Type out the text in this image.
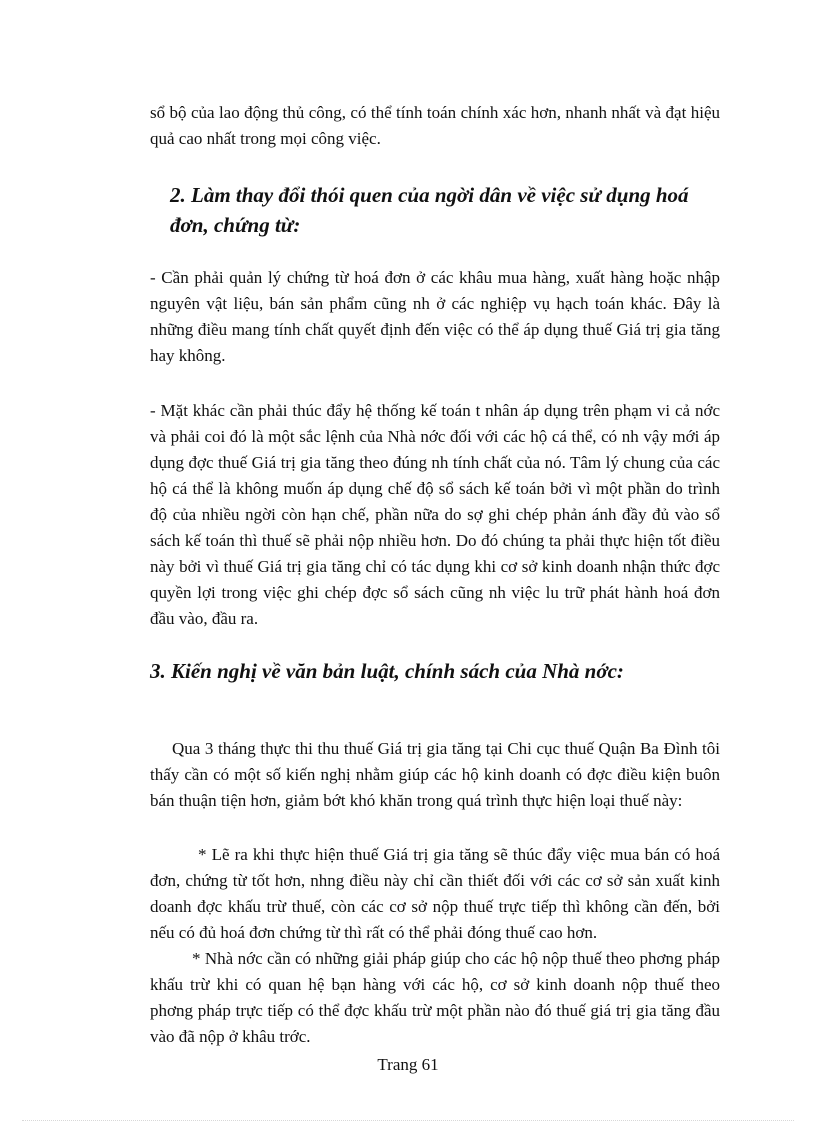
sổ bộ của lao động thủ công, có thể tính toán chính xác hơn, nhanh nhất và đạt hiệu quả cao nhất trong mọi công việc.

2. Làm thay đổi thói quen của ngời dân về việc sử dụng hoá đơn, chứng từ:

- Cần phải quản lý chứng từ hoá đơn ở các khâu mua hàng, xuất hàng hoặc nhập nguyên vật liệu, bán sản phẩm cũng nh ở các nghiệp vụ hạch toán khác. Đây là những điều mang tính chất quyết định đến việc có thể áp dụng thuế Giá trị gia tăng hay không.

- Mặt khác cần phải thúc đẩy hệ thống kế toán t nhân áp dụng trên phạm vi cả nớc và phải coi đó là một sắc lệnh của Nhà nớc đối với các hộ cá thể, có nh vậy mới áp dụng đợc thuế Giá trị gia tăng theo đúng nh tính chất của nó. Tâm lý chung của các hộ cá thể là không muốn áp dụng chế độ sổ sách kế toán bởi vì một phần do trình độ của nhiều ngời còn hạn chế, phần nữa do sợ ghi chép phản ánh đầy đủ vào sổ sách kế toán thì thuế sẽ phải nộp nhiều hơn. Do đó chúng ta phải thực hiện tốt điều này bởi vì thuế Giá trị gia tăng chỉ có tác dụng khi cơ sở kinh doanh nhận thức đợc quyền lợi trong việc ghi chép đợc sổ sách cũng nh việc lu trữ phát hành hoá đơn đầu vào, đầu ra.

3. Kiến nghị về văn bản luật, chính sách của Nhà nớc:

Qua 3 tháng thực thi thu thuế Giá trị gia tăng tại Chi cục thuế Quận Ba Đình tôi thấy cần có một số kiến nghị nhằm giúp các hộ kinh doanh có đợc điều kiện buôn bán thuận tiện hơn, giảm bớt khó khăn trong quá trình thực hiện loại thuế này:

* Lẽ ra khi thực hiện thuế Giá trị gia tăng sẽ thúc đẩy việc mua bán có hoá đơn, chứng từ tốt hơn, nhng điều này chỉ cần thiết đối với các cơ sở sản xuất kinh doanh đợc khấu trừ thuế, còn các cơ sở nộp thuế trực tiếp thì không cần đến, bởi nếu có đủ hoá đơn chứng từ thì rất có thể phải đóng thuế cao hơn.

* Nhà nớc cần có những giải pháp giúp cho các hộ nộp thuế theo phơng pháp khấu trừ khi có quan hệ bạn hàng với các hộ, cơ sở kinh doanh nộp thuế theo phơng pháp trực tiếp có thể đợc khấu trừ một phần nào đó thuế giá trị gia tăng đầu vào đã nộp ở khâu trớc.

Trang 61
